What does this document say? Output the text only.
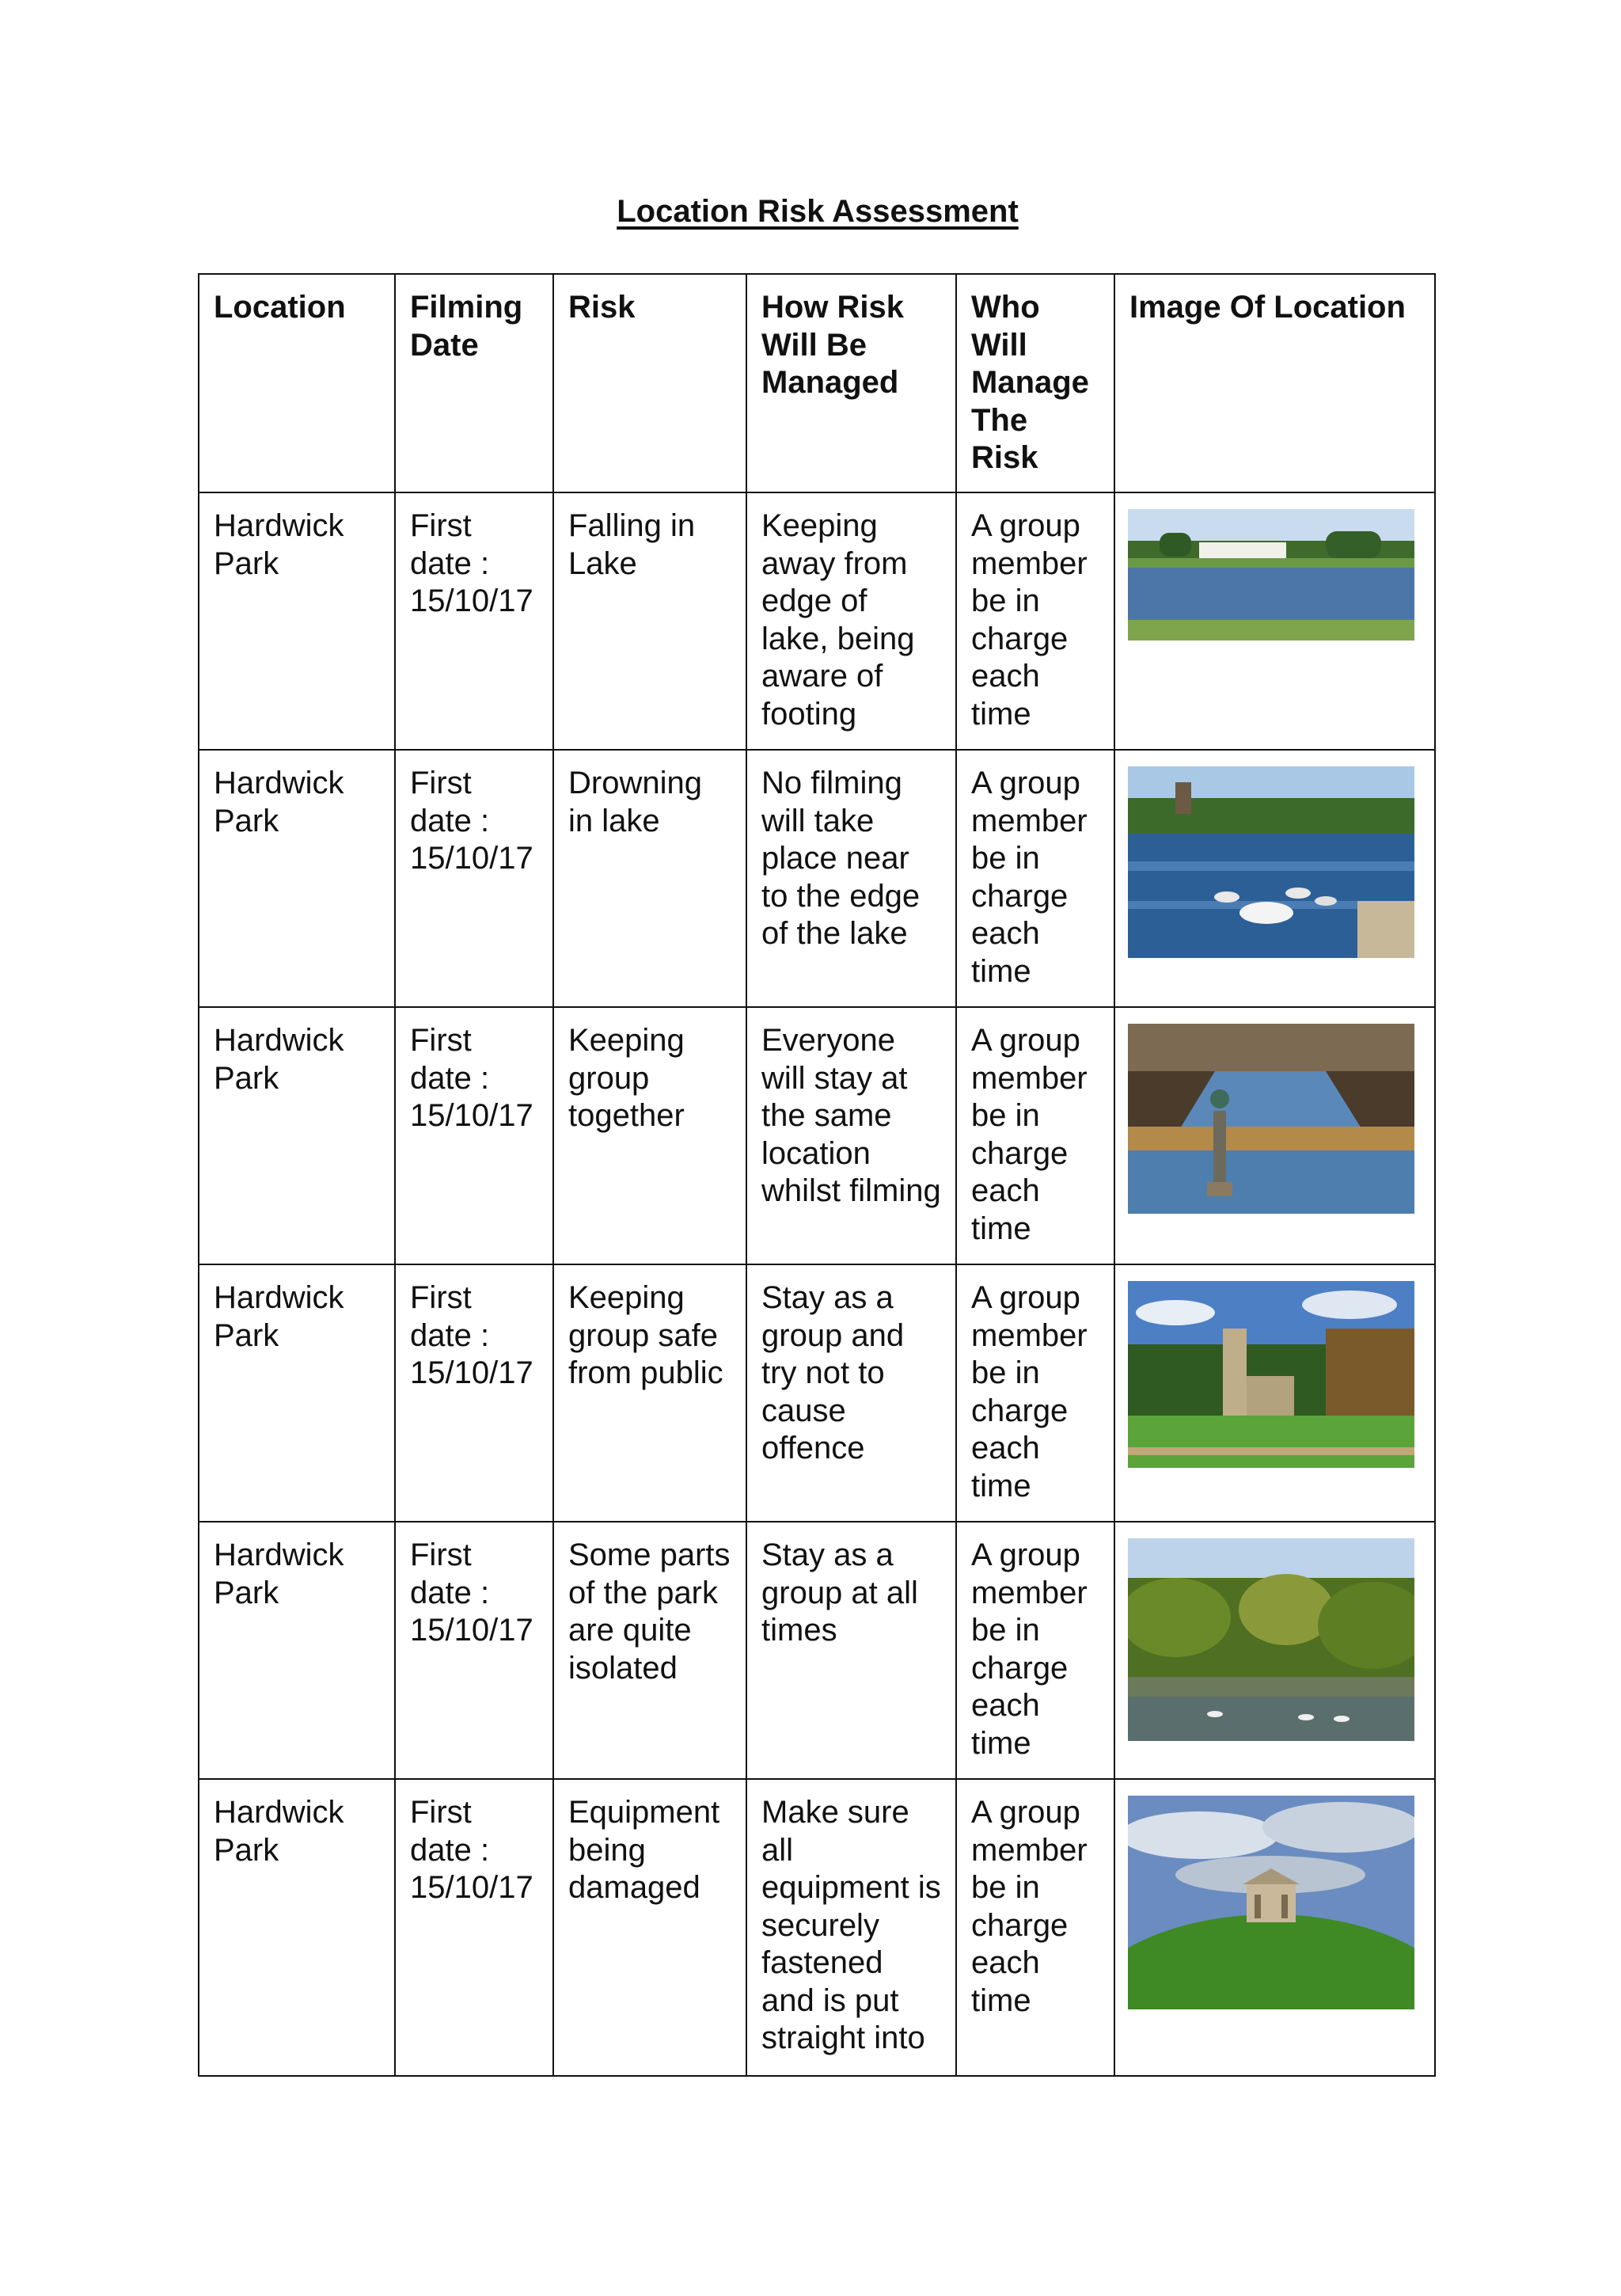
Location Risk Assessment
Location	Filming Date	Risk	How Risk Will Be Managed	Who Will Manage The Risk	Image Of Location
Hardwick Park	First date : 15/10/17	Falling in Lake	Keeping away from edge of lake, being aware of footing	A group member be in charge each time	

Hardwick Park	First date : 15/10/17	Drowning in lake	No filming will take place near to the edge of the lake	A group member be in charge each time	

Hardwick Park	First date : 15/10/17	Keeping group together	Everyone will stay at the same location whilst filming	A group member be in charge each time	

Hardwick Park	First date : 15/10/17	Keeping group safe from public	Stay as a group and try not to cause offence	A group member be in charge each time	

Hardwick Park	First date : 15/10/17	Some parts of the park are quite isolated	Stay as a group at all times	A group member be in charge each time	

Hardwick Park	First date : 15/10/17	Equipment being damaged	Make sure all equipment is securely fastened and is put straight into	A group member be in charge each time	
